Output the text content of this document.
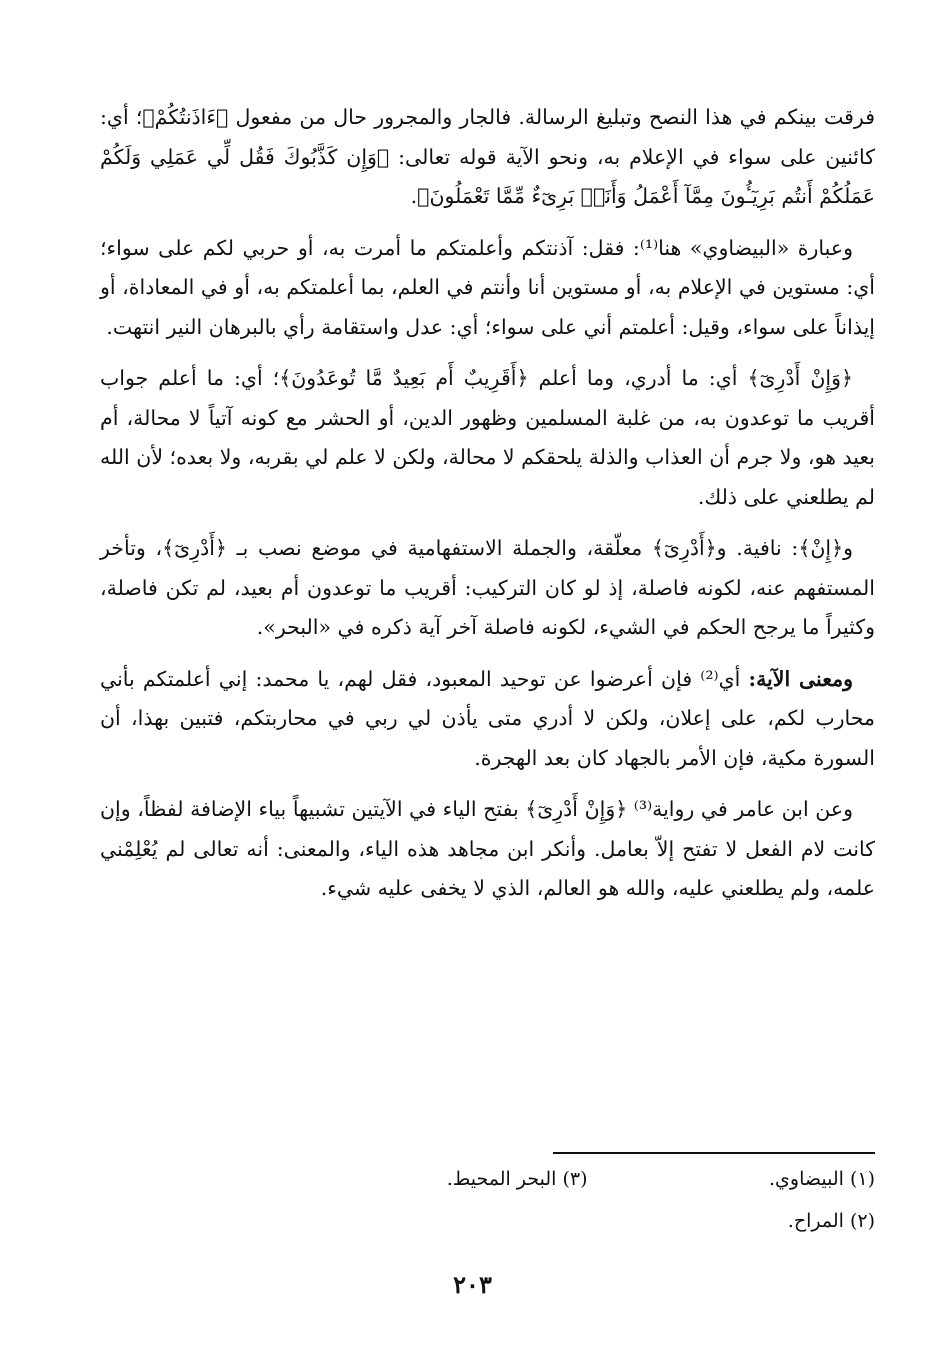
فرقت بينكم في هذا النصح وتبليغ الرسالة. فالجار والمجرور حال من مفعول ﴿ءَاذَنتُكُمْ﴾؛ أي: كائنين على سواء في الإعلام به، ونحو الآية قوله تعالى: ﴿وَإِن كَذَّبُوكَ فَقُل لِّي عَمَلِي وَلَكُمْ عَمَلُكُمْ أَنتُم بَرِيٓـُٔونَ مِمَّآ أَعْمَلُ وَأَنَا۠ بَرِىٓءٌ مِّمَّا تَعْمَلُونَ﴾.

وعبارة «البيضاوي» هنا⁽¹⁾: فقل: آذنتكم وأعلمتكم ما أمرت به، أو حربي لكم على سواء؛ أي: مستوين في الإعلام به، أو مستوين أنا وأنتم في العلم، بما أعلمتكم به، أو في المعاداة، أو إيذاناً على سواء، وقيل: أعلمتم أني على سواء؛ أي: عدل واستقامة رأي بالبرهان النير انتهت.

﴿وَإِنْ أَدْرِىٓ﴾ أي: ما أدري، وما أعلم ﴿أَقَرِيبٌ أَم بَعِيدٌ مَّا تُوعَدُونَ﴾؛ أي: ما أعلم جواب أقريب ما توعدون به، من غلبة المسلمين وظهور الدين، أو الحشر مع كونه آتياً لا محالة، أم بعيد هو، ولا جرم أن العذاب والذلة يلحقكم لا محالة، ولكن لا علم لي بقربه، ولا بعده؛ لأن الله لم يطلعني على ذلك.

و﴿إِنْ﴾: نافية. و﴿أَدْرِىٓ﴾ معلّقة، والجملة الاستفهامية في موضع نصب بـ ﴿أَدْرِىٓ﴾، وتأخر المستفهم عنه، لكونه فاصلة، إذ لو كان التركيب: أقريب ما توعدون أم بعيد، لم تكن فاصلة، وكثيراً ما يرجح الحكم في الشيء، لكونه فاصلة آخر آية ذكره في «البحر».

ومعنى الآية: أي⁽²⁾ فإن أعرضوا عن توحيد المعبود، فقل لهم، يا محمد: إني أعلمتكم بأني محارب لكم، على إعلان، ولكن لا أدري متى يأذن لي ربي في محاربتكم، فتبين بهذا، أن السورة مكية، فإن الأمر بالجهاد كان بعد الهجرة.

وعن ابن عامر في رواية⁽³⁾ ﴿وَإِنْ أَدْرِىٓ﴾ بفتح الياء في الآيتين تشبيهاً بياء الإضافة لفظاً، وإن كانت لام الفعل لا تفتح إلاّ بعامل. وأنكر ابن مجاهد هذه الياء، والمعنى: أنه تعالى لم يُعْلِمْني علمه، ولم يطلعني عليه، والله هو العالم، الذي لا يخفى عليه شيء.

(١) البيضاوي.
(٣) البحر المحيط.
(٢) المراح.
٢٠٣
